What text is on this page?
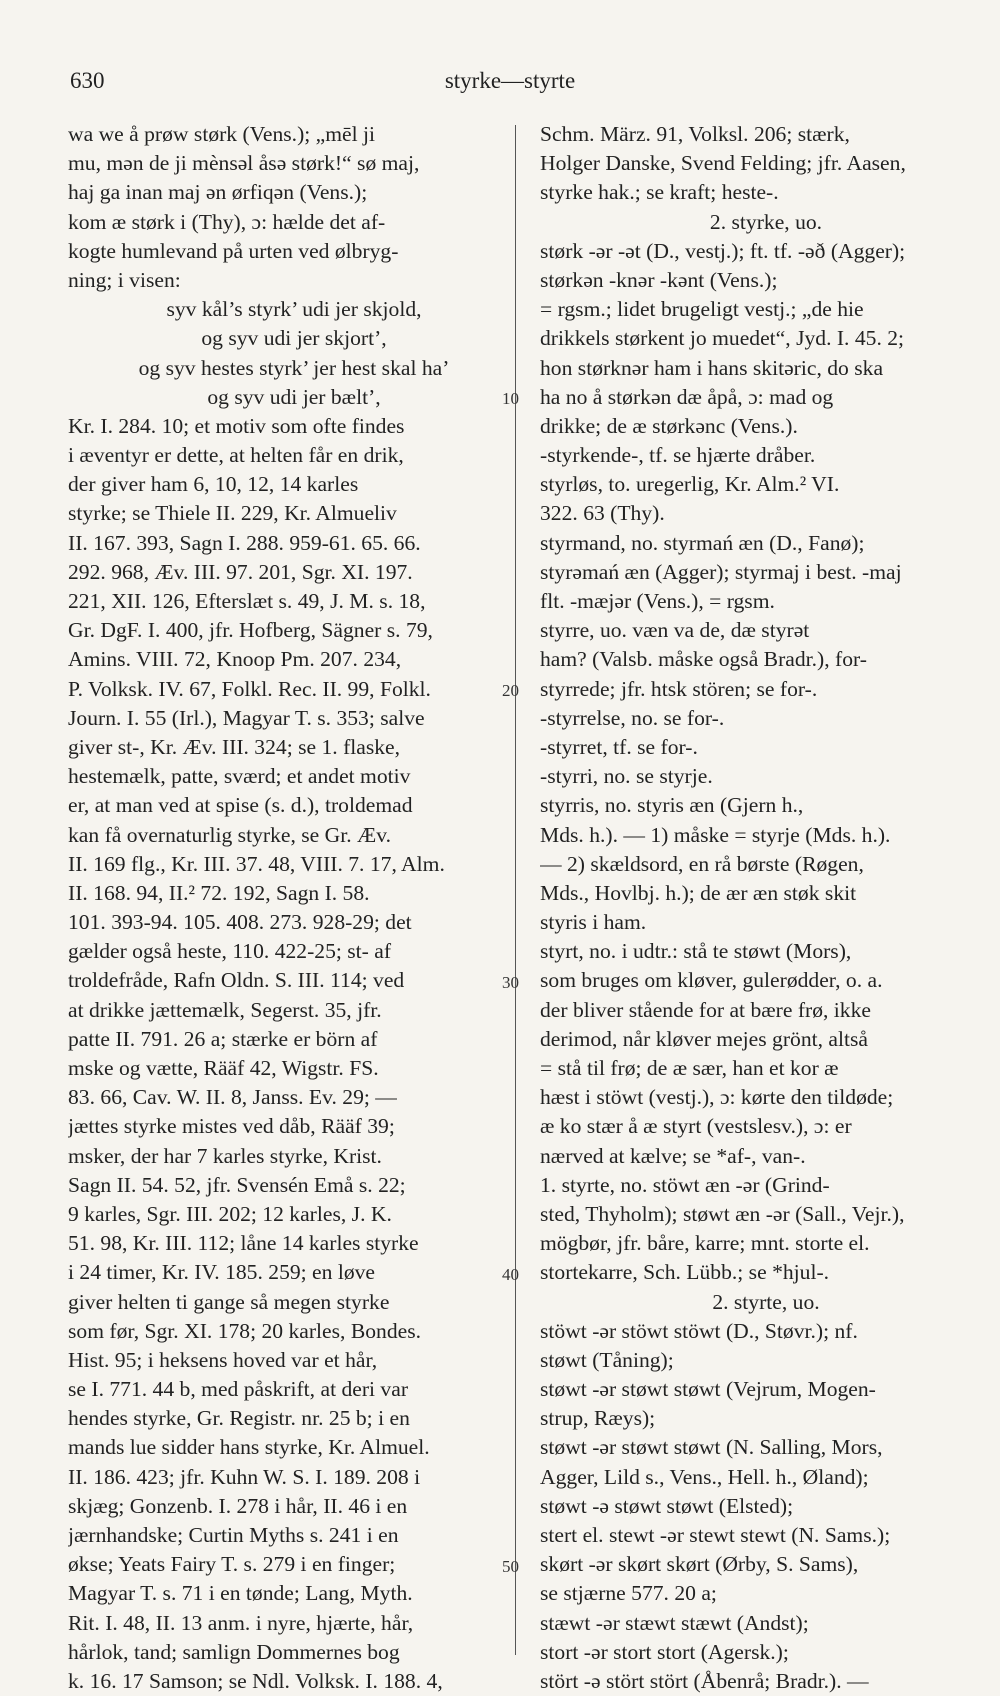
630	styrke—styrte
wa we å prøw størk (Vens.); „mēl ji
mu, mən de ji mènsəl åsə størk!“ sø maj,
haj ga inan maj ən ørfiqən (Vens.);
kom æ størk i (Thy), ɔ: hælde det af-
kogte humlevand på urten ved ølbryg-
ning; i visen:
syv kål’s styrk’ udi jer skjold,
og syv udi jer skjort’,
og syv hestes styrk’ jer hest skal ha’
og syv udi jer bælt’,
Kr. I. 284. 10; et motiv som ofte findes
i æventyr er dette, at helten får en drik,
der giver ham 6, 10, 12, 14 karles
styrke; se Thiele II. 229, Kr. Almueliv
II. 167. 393, Sagn I. 288. 959-61. 65. 66.
292. 968, Æv. III. 97. 201, Sgr. XI. 197.
221, XII. 126, Efterslæt s. 49, J. M. s. 18,
Gr. DgF. I. 400, jfr. Hofberg, Sägner s. 79,
Amins. VIII. 72, Knoop Pm. 207. 234,
P. Volksk. IV. 67, Folkl. Rec. II. 99, Folkl.
Journ. I. 55 (Irl.), Magyar T. s. 353; salve
giver st-, Kr. Æv. III. 324; se 1. flaske,
hestemælk, patte, sværd; et andet motiv
er, at man ved at spise (s. d.), troldemad
kan få overnaturlig styrke, se Gr. Æv.
II. 169 flg., Kr. III. 37. 48, VIII. 7. 17, Alm.
II. 168. 94, II.² 72. 192, Sagn I. 58.
101. 393-94. 105. 408. 273. 928-29; det
gælder også heste, 110. 422-25; st- af
troldefråde, Rafn Oldn. S. III. 114; ved
at drikke jættemælk, Segerst. 35, jfr.
patte II. 791. 26 a; stærke er börn af
mske og vætte, Rääf 42, Wigstr. FS.
83. 66, Cav. W. II. 8, Janss. Ev. 29; —
jættes styrke mistes ved dåb, Rääf 39;
msker, der har 7 karles styrke, Krist.
Sagn II. 54. 52, jfr. Svensén Emå s. 22;
9 karles, Sgr. III. 202; 12 karles, J. K.
51. 98, Kr. III. 112; låne 14 karles styrke
i 24 timer, Kr. IV. 185. 259; en løve
giver helten ti gange så megen styrke
som før, Sgr. XI. 178; 20 karles, Bondes.
Hist. 95; i heksens hoved var et hår,
se I. 771. 44 b, med påskrift, at deri var
hendes styrke, Gr. Registr. nr. 25 b; i en
mands lue sidder hans styrke, Kr. Almuel.
II. 186. 423; jfr. Kuhn W. S. I. 189. 208 i
skjæg; Gonzenb. I. 278 i hår, II. 46 i en
jærnhandske; Curtin Myths s. 241 i en
økse; Yeats Fairy T. s. 279 i en finger;
Magyar T. s. 71 i en tønde; Lang, Myth.
Rit. I. 48, II. 13 anm. i nyre, hjærte, hår,
hårlok, tand; samlign Dommernes bog
k. 16. 17 Samson; se Ndl. Volksk. I. 188. 4,
Schm. März. 91, Volksl. 206; stærk,
Holger Danske, Svend Felding; jfr. Aasen,
styrke hak.; se kraft; heste-.
2. styrke, uo.
størk -ər -ət (D., vestj.); ft. tf. -əð (Agger);
størkən -knər -kənt (Vens.);
= rgsm.; lidet brugeligt vestj.; „de hie
drikkels størkent jo muedet“, Jyd. I. 45. 2;
hon størknər ham i hans skitəric, do ska
ha no å størkən dæ åpå, ɔ: mad og
drikke; de æ størkənc (Vens.).
-styrkende-, tf. se hjærte dråber.
styrløs, to. uregerlig, Kr. Alm.² VI.
322. 63 (Thy).
styrmand, no. styrmań æn (D., Fanø);
styrəmań æn (Agger); styrmaj i best. -maj
flt. -mæjər (Vens.), = rgsm.
styrre, uo. væn va de, dæ styrət
ham? (Valsb. måske også Bradr.), for-
styrrede; jfr. htsk stören; se for-.
-styrrelse, no. se for-.
-styrret, tf. se for-.
-styrri, no. se styrje.
styrris, no. styris æn (Gjern h.,
Mds. h.). — 1) måske = styrje (Mds. h.).
— 2) skældsord, en rå børste (Røgen,
Mds., Hovlbj. h.); de ær æn støk skit
styris i ham.
styrt, no. i udtr.: stå te støwt (Mors),
som bruges om kløver, gulerødder, o. a.
der bliver stående for at bære frø, ikke
derimod, når kløver mejes grönt, altså
= stå til frø; de æ sær, han et kor æ
hæst i stöwt (vestj.), ɔ: kørte den tildøde;
æ ko stær å æ styrt (vestslesv.), ɔ: er
nærved at kælve; se *af-, van-.
1. styrte, no. stöwt æn -ər (Grind-
sted, Thyholm); støwt æn -ər (Sall., Vejr.),
mögbør, jfr. båre, karre; mnt. storte el.
stortekarre, Sch. Lübb.; se *hjul-.
2. styrte, uo.
stöwt -ər stöwt stöwt (D., Støvr.); nf.
støwt (Tåning);
støwt -ər støwt støwt (Vejrum, Mogen-
strup, Ræys);
støwt -ər støwt støwt (N. Salling, Mors,
Agger, Lild s., Vens., Hell. h., Øland);
støwt -ə støwt støwt (Elsted);
stert el. stewt -ər stewt stewt (N. Sams.);
skørt -ər skørt skørt (Ørby, S. Sams),
se stjærne 577. 20 a;
stæwt -ər stæwt stæwt (Andst);
stort -ər stort stort (Agersk.);
stört -ə stört stört (Åbenrå; Bradr.). —
10
20
30
40
50
